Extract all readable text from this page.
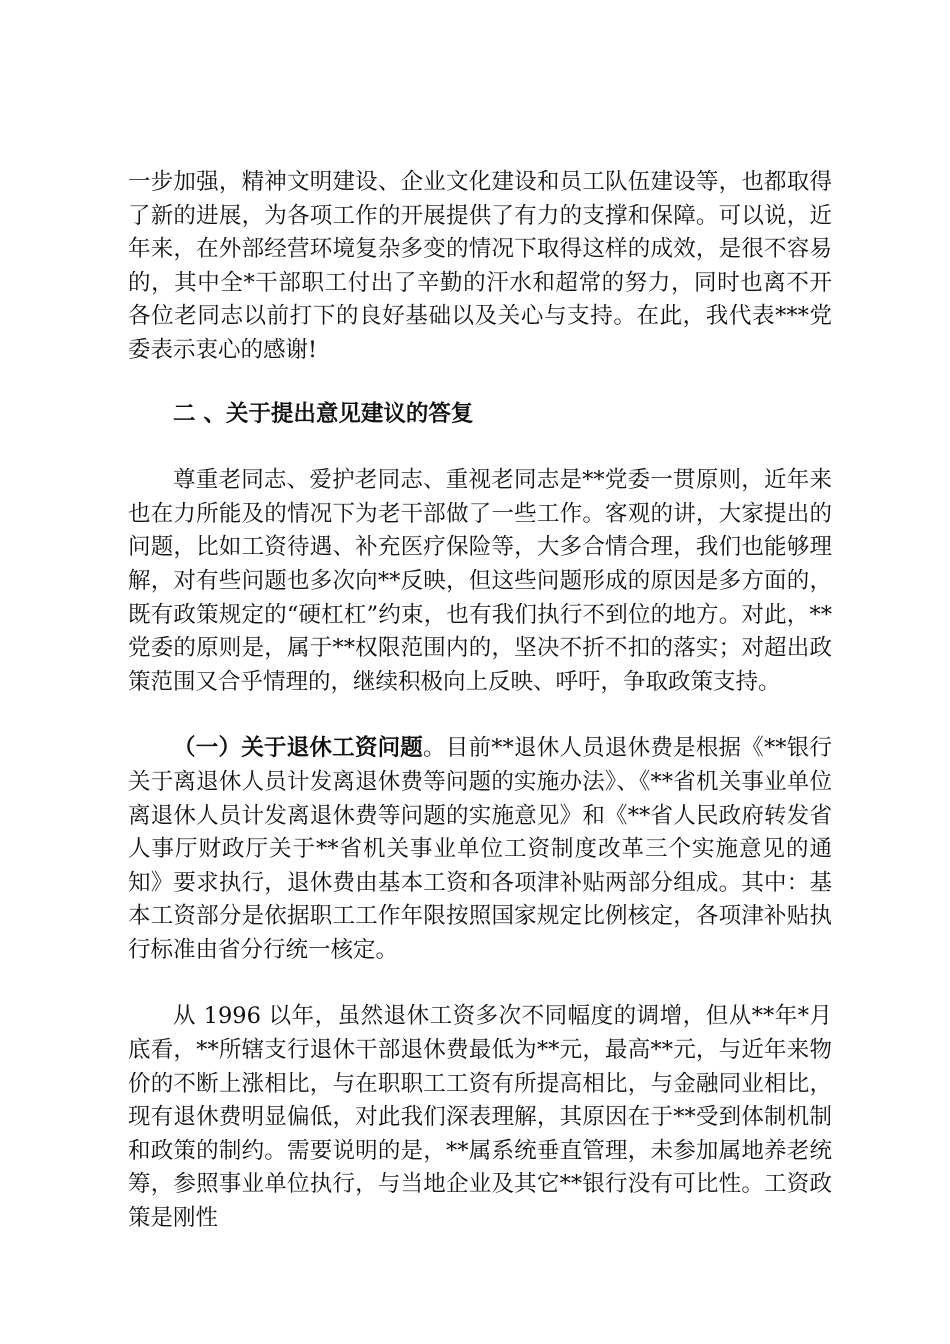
一步加强，精神文明建设、企业文化建设和员工队伍建设等，也都取得了新的进展，为各项工作的开展提供了有力的支撑和保障。可以说，近年来，在外部经营环境复杂多变的情况下取得这样的成效，是很不容易的，其中全*干部职工付出了辛勤的汗水和超常的努力，同时也离不开各位老同志以前打下的良好基础以及关心与支持。在此，我代表***党委表示衷心的感谢!

二 、关于提出意见建议的答复

尊重老同志、爱护老同志、重视老同志是**党委一贯原则，近年来也在力所能及的情况下为老干部做了一些工作。客观的讲，大家提出的问题，比如工资待遇、补充医疗保险等，大多合情合理，我们也能够理解，对有些问题也多次向**反映，但这些问题形成的原因是多方面的，既有政策规定的“硬杠杠”约束，也有我们执行不到位的地方。对此，**党委的原则是，属于**权限范围内的，坚决不折不扣的落实；对超出政策范围又合乎情理的，继续积极向上反映、呼吁，争取政策支持。

（一）关于退休工资问题。目前**退休人员退休费是根据《**银行关于离退休人员计发离退休费等问题的实施办法》、《**省机关事业单位离退休人员计发离退休费等问题的实施意见》和《**省人民政府转发省人事厅财政厅关于**省机关事业单位工资制度改革三个实施意见的通知》要求执行，退休费由基本工资和各项津补贴两部分组成。其中：基本工资部分是依据职工工作年限按照国家规定比例核定，各项津补贴执行标准由省分行统一核定。

从 1996 以年，虽然退休工资多次不同幅度的调增，但从**年*月底看，**所辖支行退休干部退休费最低为**元，最高**元，与近年来物价的不断上涨相比，与在职职工工资有所提高相比，与金融同业相比，现有退休费明显偏低，对此我们深表理解，其原因在于**受到体制机制和政策的制约。需要说明的是，**属系统垂直管理，未参加属地养老统筹，参照事业单位执行，与当地企业及其它**银行没有可比性。工资政策是刚性
